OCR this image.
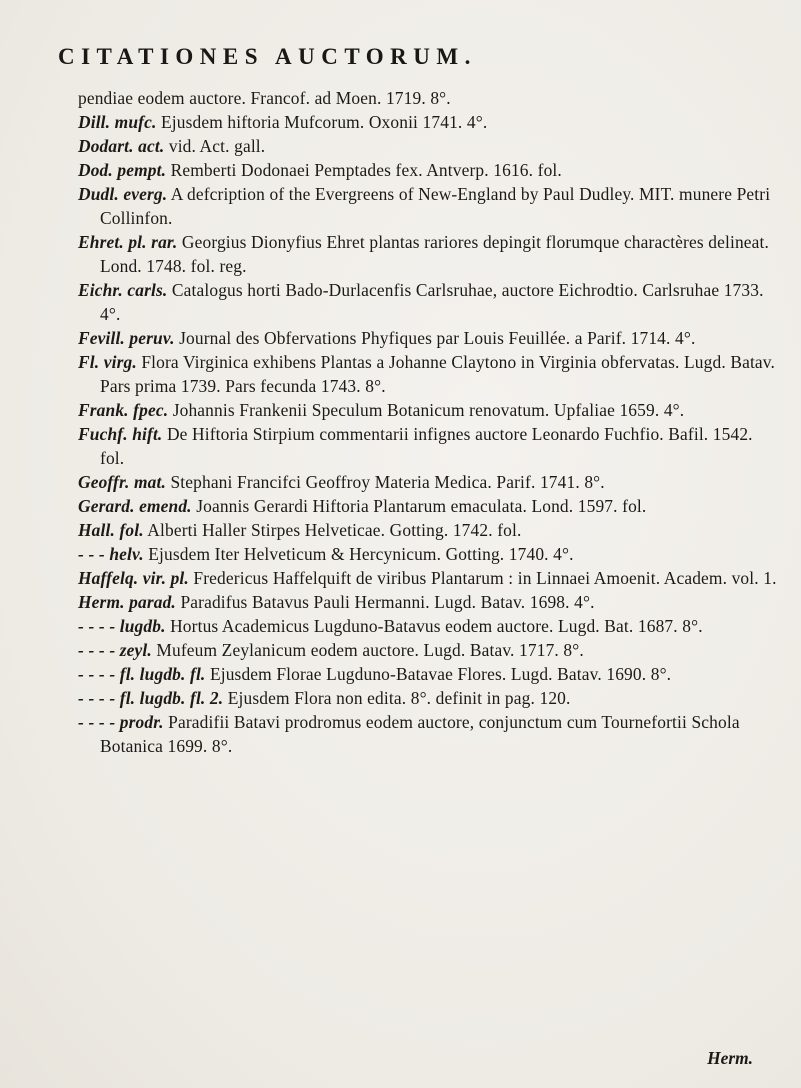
CITATIONES AUCTORUM.
pendiae eodem auctore. Francof. ad Moen. 1719. 8°.
Dill. mufc. Ejusdem hiftoria Mufcorum. Oxonii 1741. 4°.
Dodart. act. vid. Act. gall.
Dod. pempt. Remberti Dodonaei Pemptades fex. Antverp. 1616. fol.
Dudl. everg. A defcription of the Evergreens of New-England by Paul Dudley. MIT. munere Petri Collinfon.
Ehret. pl. rar. Georgius Dionyfius Ehret plantas rariores depingit florumque charactères delineat. Lond. 1748. fol. reg.
Eichr. carls. Catalogus horti Bado-Durlacenfis Carlsruhae, auctore Eichrodtio. Carlsruhae 1733. 4°.
Fevill. peruv. Journal des Obfervations Phyfiques par Louis Feuillée. a Parif. 1714. 4°.
Fl. virg. Flora Virginica exhibens Plantas a Johanne Claytono in Virginia obfervatas. Lugd. Batav. Pars prima 1739. Pars fecunda 1743. 8°.
Frank. fpec. Johannis Frankenii Speculum Botanicum renovatum. Upfaliae 1659. 4°.
Fuchf. hift. De Hiftoria Stirpium commentarii infignes auctore Leonardo Fuchfio. Bafil. 1542. fol.
Geoffr. mat. Stephani Francifci Geoffroy Materia Medica. Parif. 1741. 8°.
Gerard. emend. Joannis Gerardi Hiftoria Plantarum emaculata. Lond. 1597. fol.
Hall. fol. Alberti Haller Stirpes Helveticae. Gotting. 1742. fol.
- - - helv. Ejusdem Iter Helveticum & Hercynicum. Gotting. 1740. 4°.
Haffelq. vir. pl. Fredericus Haffelquift de viribus Plantarum : in Linnaei Amoenit. Academ. vol. 1.
Herm. parad. Paradifus Batavus Pauli Hermanni. Lugd. Batav. 1698. 4°.
- - - - lugdb. Hortus Academicus Lugduno-Batavus eodem auctore. Lugd. Bat. 1687. 8°.
- - - - zeyl. Mufeum Zeylanicum eodem auctore. Lugd. Batav. 1717. 8°.
- - - - fl. lugdb. fl. Ejusdem Florae Lugduno-Batavae Flores. Lugd. Batav. 1690. 8°.
- - - - fl. lugdb. fl. 2. Ejusdem Flora non edita. 8°. definit in pag. 120.
- - - - prodr. Paradifii Batavi prodromus eodem auctore, conjunctum cum Tournefortii Schola Botanica 1699. 8°.
Herm.
